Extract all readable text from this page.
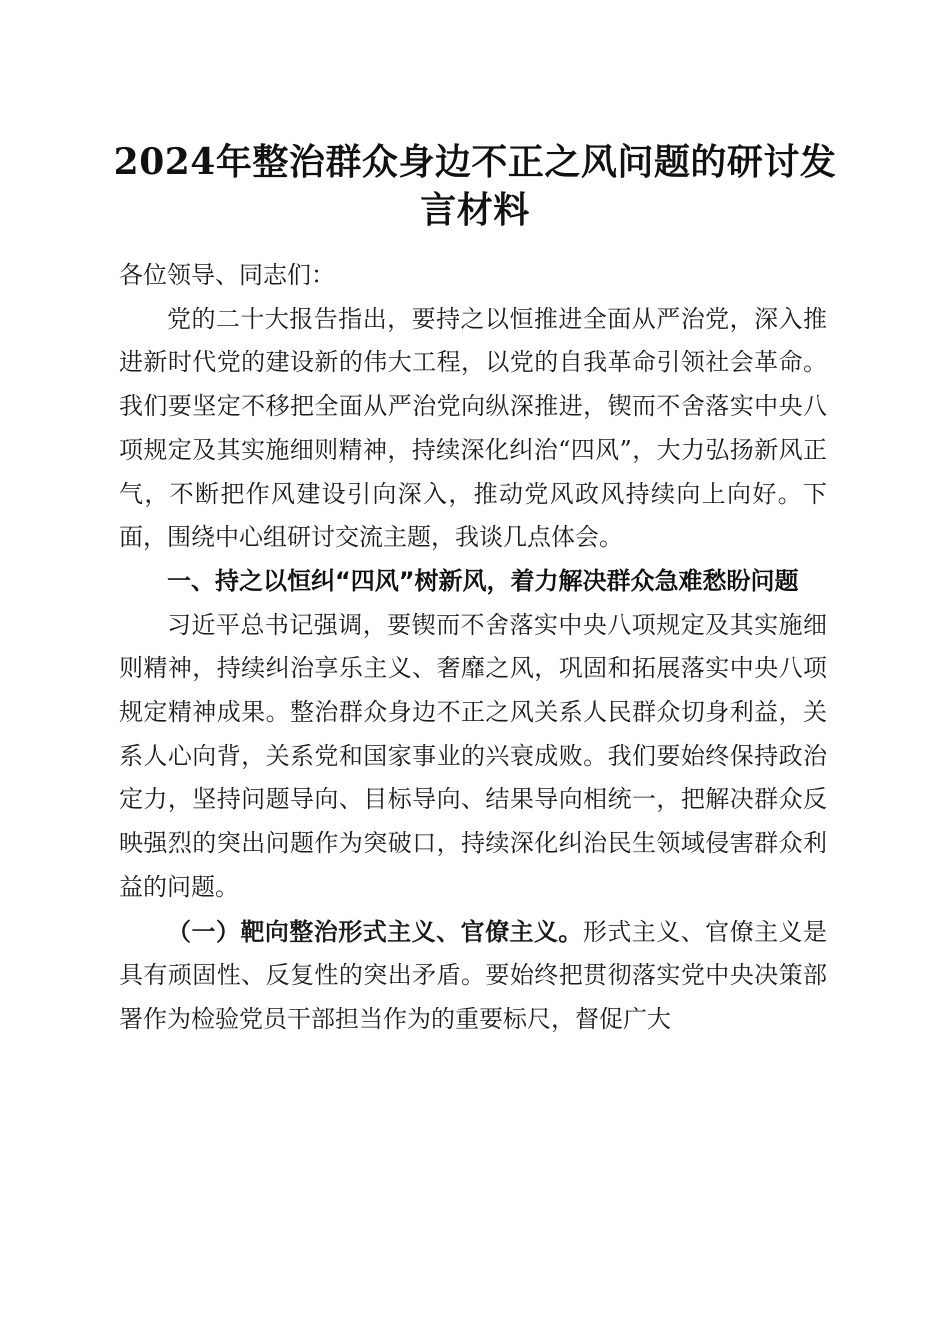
2024年整治群众身边不正之风问题的研讨发言材料

各位领导、同志们：

党的二十大报告指出，要持之以恒推进全面从严治党，深入推进新时代党的建设新的伟大工程，以党的自我革命引领社会革命。我们要坚定不移把全面从严治党向纵深推进，锲而不舍落实中央八项规定及其实施细则精神，持续深化纠治“四风”，大力弘扬新风正气，不断把作风建设引向深入，推动党风政风持续向上向好。下面，围绕中心组研讨交流主题，我谈几点体会。

一、持之以恒纠“四风”树新风，着力解决群众急难愁盼问题

习近平总书记强调，要锲而不舍落实中央八项规定及其实施细则精神，持续纠治享乐主义、奢靡之风，巩固和拓展落实中央八项规定精神成果。整治群众身边不正之风关系人民群众切身利益，关系人心向背，关系党和国家事业的兴衰成败。我们要始终保持政治定力，坚持问题导向、目标导向、结果导向相统一，把解决群众反映强烈的突出问题作为突破口，持续深化纠治民生领域侵害群众利益的问题。

（一）靶向整治形式主义、官僚主义。形式主义、官僚主义是具有顽固性、反复性的突出矛盾。要始终把贯彻落实党中央决策部署作为检验党员干部担当作为的重要标尺，督促广大
